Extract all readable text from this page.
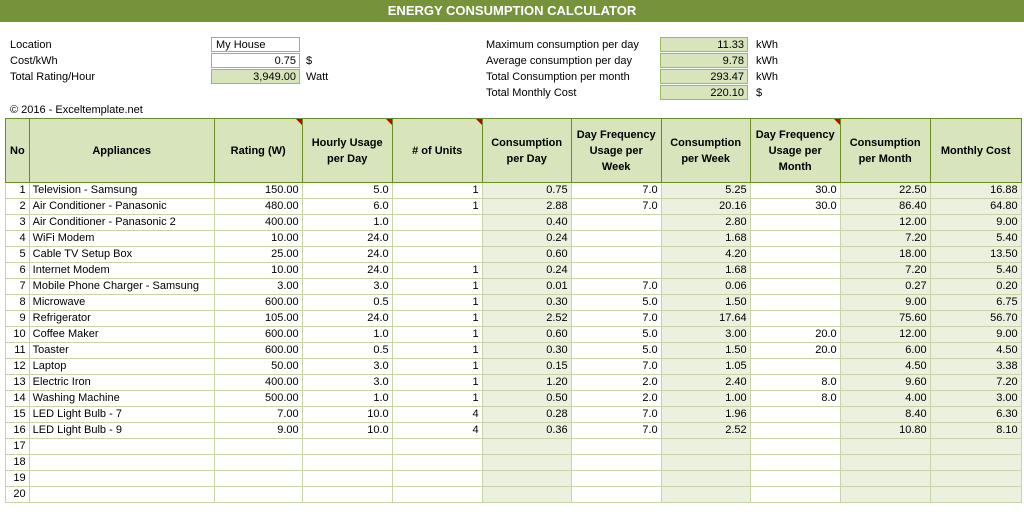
ENERGY CONSUMPTION CALCULATOR
Location	My House
Cost/kWh	0.75 $
Total Rating/Hour	3,949.00 Watt
© 2016 - Exceltemplate.net
Maximum consumption per day	11.33	kWh
Average consumption per day	9.78	kWh
Total Consumption per month	293.47	kWh
Total Monthly Cost	220.10	$
No	Appliances	Rating (W)	Hourly Usage per Day	# of Units	Consumption per Day	Day Frequency Usage per Week	Consumption per Week	Day Frequency Usage per Month	Consumption per Month	Monthly Cost
1	Television - Samsung	150.00	5.0	1	0.75	7.0	5.25	30.0	22.50	16.88
2	Air Conditioner - Panasonic	480.00	6.0	1	2.88	7.0	20.16	30.0	86.40	64.80
3	Air Conditioner - Panasonic 2	400.00	1.0		0.40		2.80		12.00	9.00
4	WiFi Modem	10.00	24.0		0.24		1.68		7.20	5.40
5	Cable TV Setup Box	25.00	24.0		0.60		4.20		18.00	13.50
6	Internet Modem	10.00	24.0	1	0.24		1.68		7.20	5.40
7	Mobile Phone Charger - Samsung	3.00	3.0	1	0.01	7.0	0.06		0.27	0.20
8	Microwave	600.00	0.5	1	0.30	5.0	1.50		9.00	6.75
9	Refrigerator	105.00	24.0	1	2.52	7.0	17.64		75.60	56.70
10	Coffee Maker	600.00	1.0	1	0.60	5.0	3.00	20.0	12.00	9.00
11	Toaster	600.00	0.5	1	0.30	5.0	1.50	20.0	6.00	4.50
12	Laptop	50.00	3.0	1	0.15	7.0	1.05		4.50	3.38
13	Electric Iron	400.00	3.0	1	1.20	2.0	2.40	8.0	9.60	7.20
14	Washing Machine	500.00	1.0	1	0.50	2.0	1.00	8.0	4.00	3.00
15	LED Light Bulb - 7	7.00	10.0	4	0.28	7.0	1.96		8.40	6.30
16	LED Light Bulb - 9	9.00	10.0	4	0.36	7.0	2.52		10.80	8.10
17										
18										
19										
20										
